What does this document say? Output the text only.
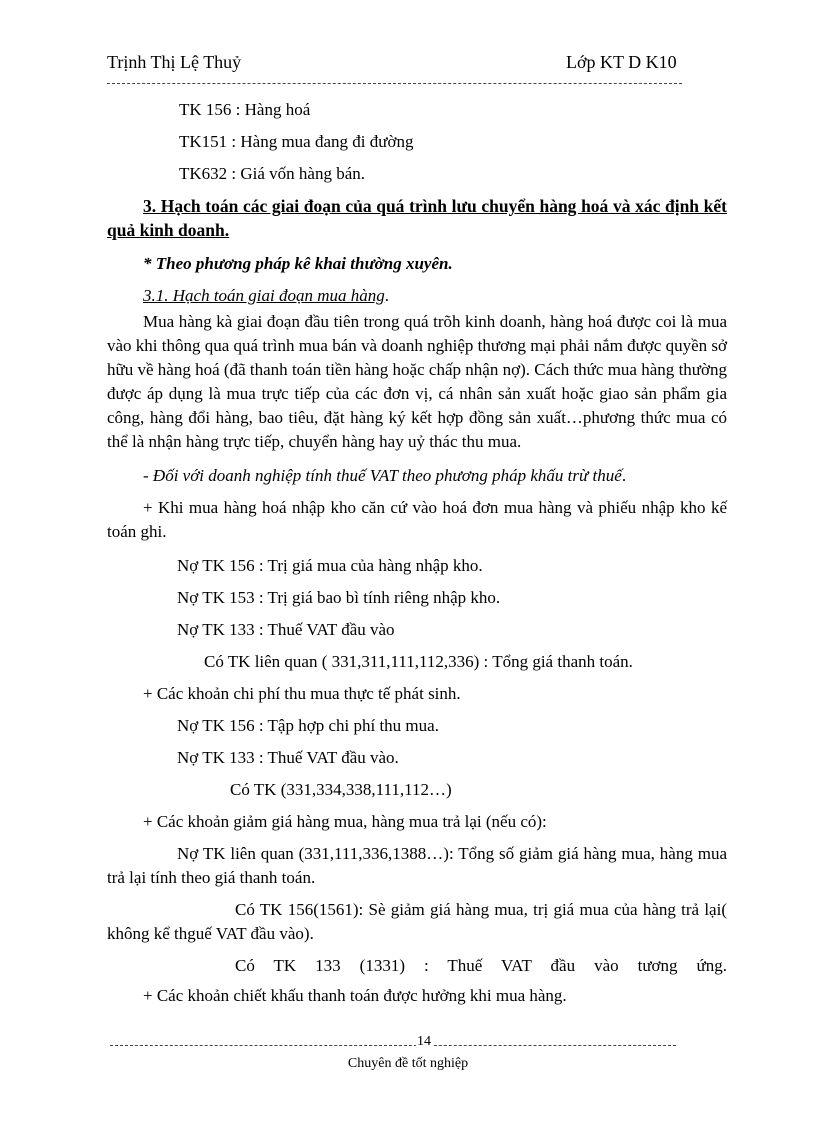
Trịnh Thị Lệ Thuỷ	Lớp KT D K10

TK 156 : Hàng hoá

TK151 : Hàng mua đang đi đường

TK632 : Giá vốn hàng bán.

3. Hạch toán các giai đoạn của quá trình lưu chuyển hàng hoá và xác định kết quả kinh doanh.

* Theo phương pháp kê khai thường xuyên.

3.1. Hạch toán giai đoạn mua hàng.

Mua hàng kà giai đoạn đầu tiên trong quá trõh kinh doanh, hàng hoá được coi là mua vào khi thông qua quá trình mua bán và doanh nghiệp thương mại phải nắm được quyền sở hữu về hàng hoá (đã thanh toán tiền hàng hoặc chấp nhận nợ). Cách thức mua hàng thường được áp dụng là mua trực tiếp của các đơn vị, cá nhân sản xuất hoặc giao sản phẩm gia công, hàng đổi hàng, bao tiêu, đặt hàng ký kết hợp đồng sản xuất…phương thức mua có thể là nhận hàng trực tiếp, chuyển hàng hay uỷ thác thu mua.

- Đối với doanh nghiệp tính thuế VAT theo phương pháp khấu trừ thuế.

+ Khi mua hàng hoá nhập kho căn cứ vào hoá đơn mua hàng và phiếu nhập kho kế toán ghi.

Nợ TK 156 : Trị giá mua của hàng nhập kho.

Nợ TK 153 : Trị giá bao bì tính riêng nhập kho.

Nợ TK 133 : Thuế VAT đầu vào

Có TK liên quan ( 331,311,111,112,336) : Tổng giá thanh toán.

+ Các khoản chi phí thu mua thực tế phát sinh.

Nợ TK 156 : Tập hợp chi phí thu mua.

Nợ TK 133 : Thuế VAT đầu vào.

Có TK (331,334,338,111,112…)

+ Các khoản giảm giá hàng mua, hàng mua trả lại (nếu có):

Nợ TK liên quan (331,111,336,1388…): Tổng số giảm giá hàng mua, hàng mua trả lại tính theo giá thanh toán.

Có TK 156(1561): Sè giảm giá hàng mua, trị giá mua của hàng trả lại( không kể thguế VAT đầu vào).

Có TK 133 (1331) : Thuế VAT đầu vào tương ứng.

+ Các khoản chiết khấu thanh toán được hưởng khi mua hàng.

14
Chuyên đề tốt nghiệp
